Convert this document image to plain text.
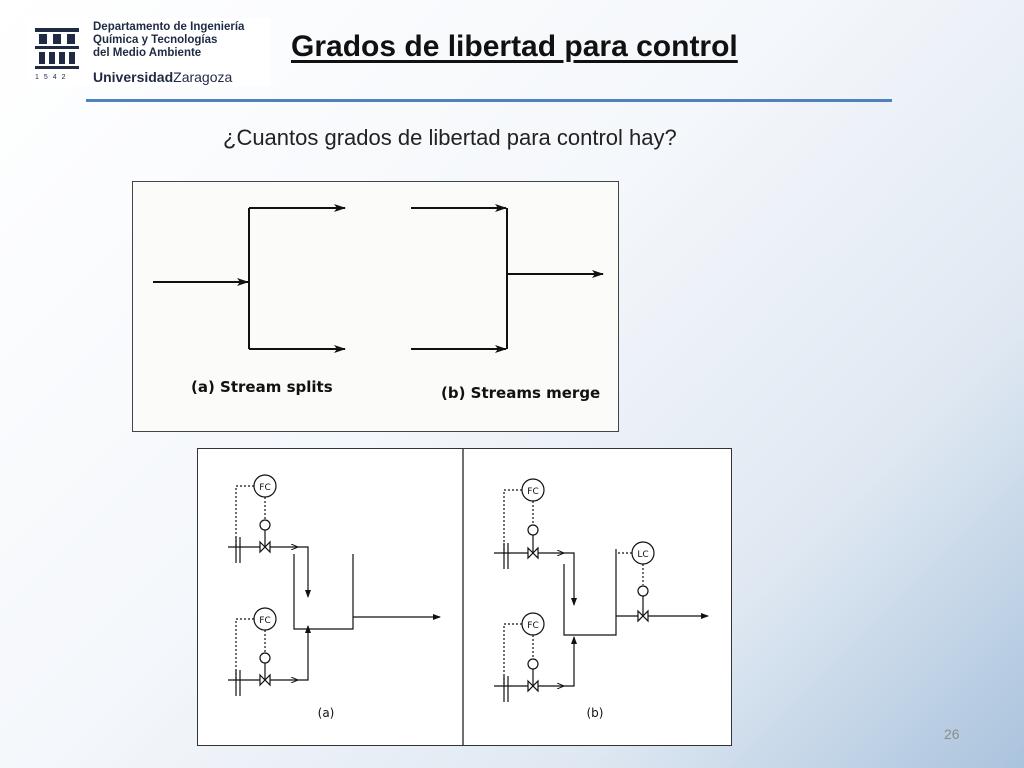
1542
Departamento de Ingeniería
Química y Tecnologías
del Medio Ambiente
UniversidadZaragoza
Grados de libertad para control
¿Cuantos grados de libertad para control hay?
(a) Stream splits	(b) Streams merge
FC
FC
(a)
FC
FC
LC
(b)
26
